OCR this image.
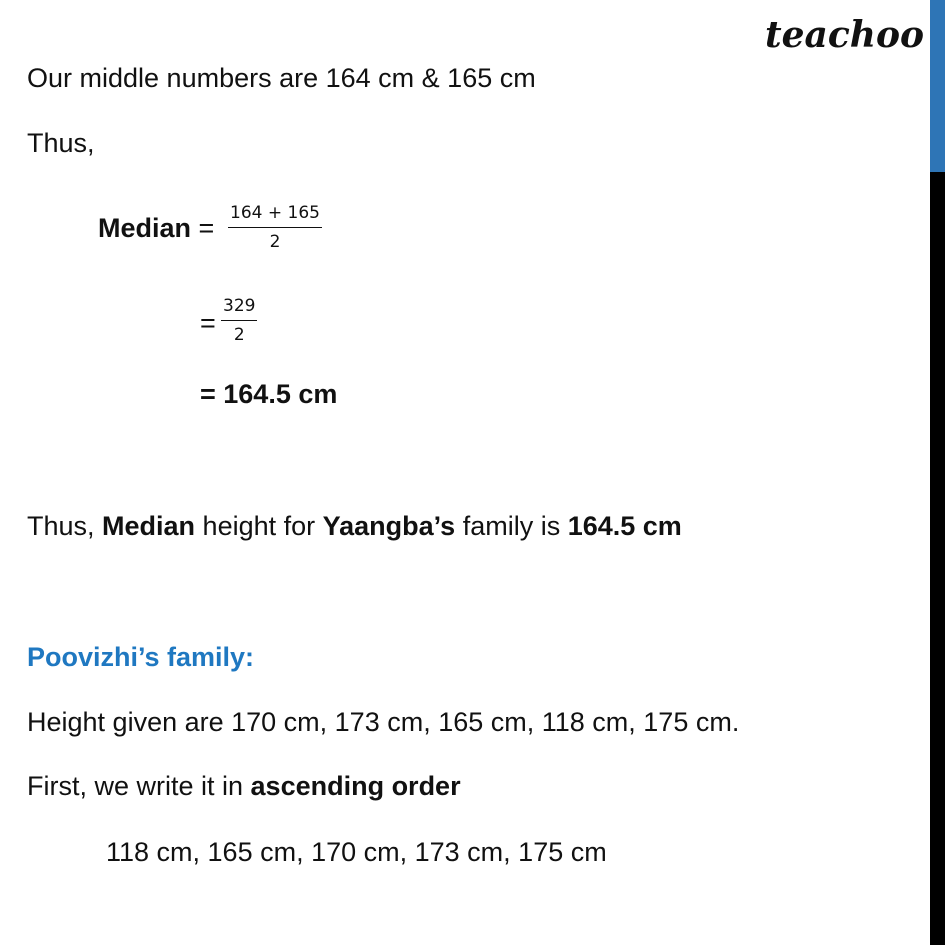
teachoo
Our middle numbers are 164 cm & 165 cm
Thus,
Median = $\frac{164 + 165}{2}$
= $\frac{329}{2}$
= 164.5 cm
Thus, Median height for Yaangba’s family is 164.5 cm
Poovizhi’s family:
Height given are 170 cm, 173 cm, 165 cm, 118 cm, 175 cm.
First, we write it in ascending order
118 cm, 165 cm, 170 cm, 173 cm, 175 cm
